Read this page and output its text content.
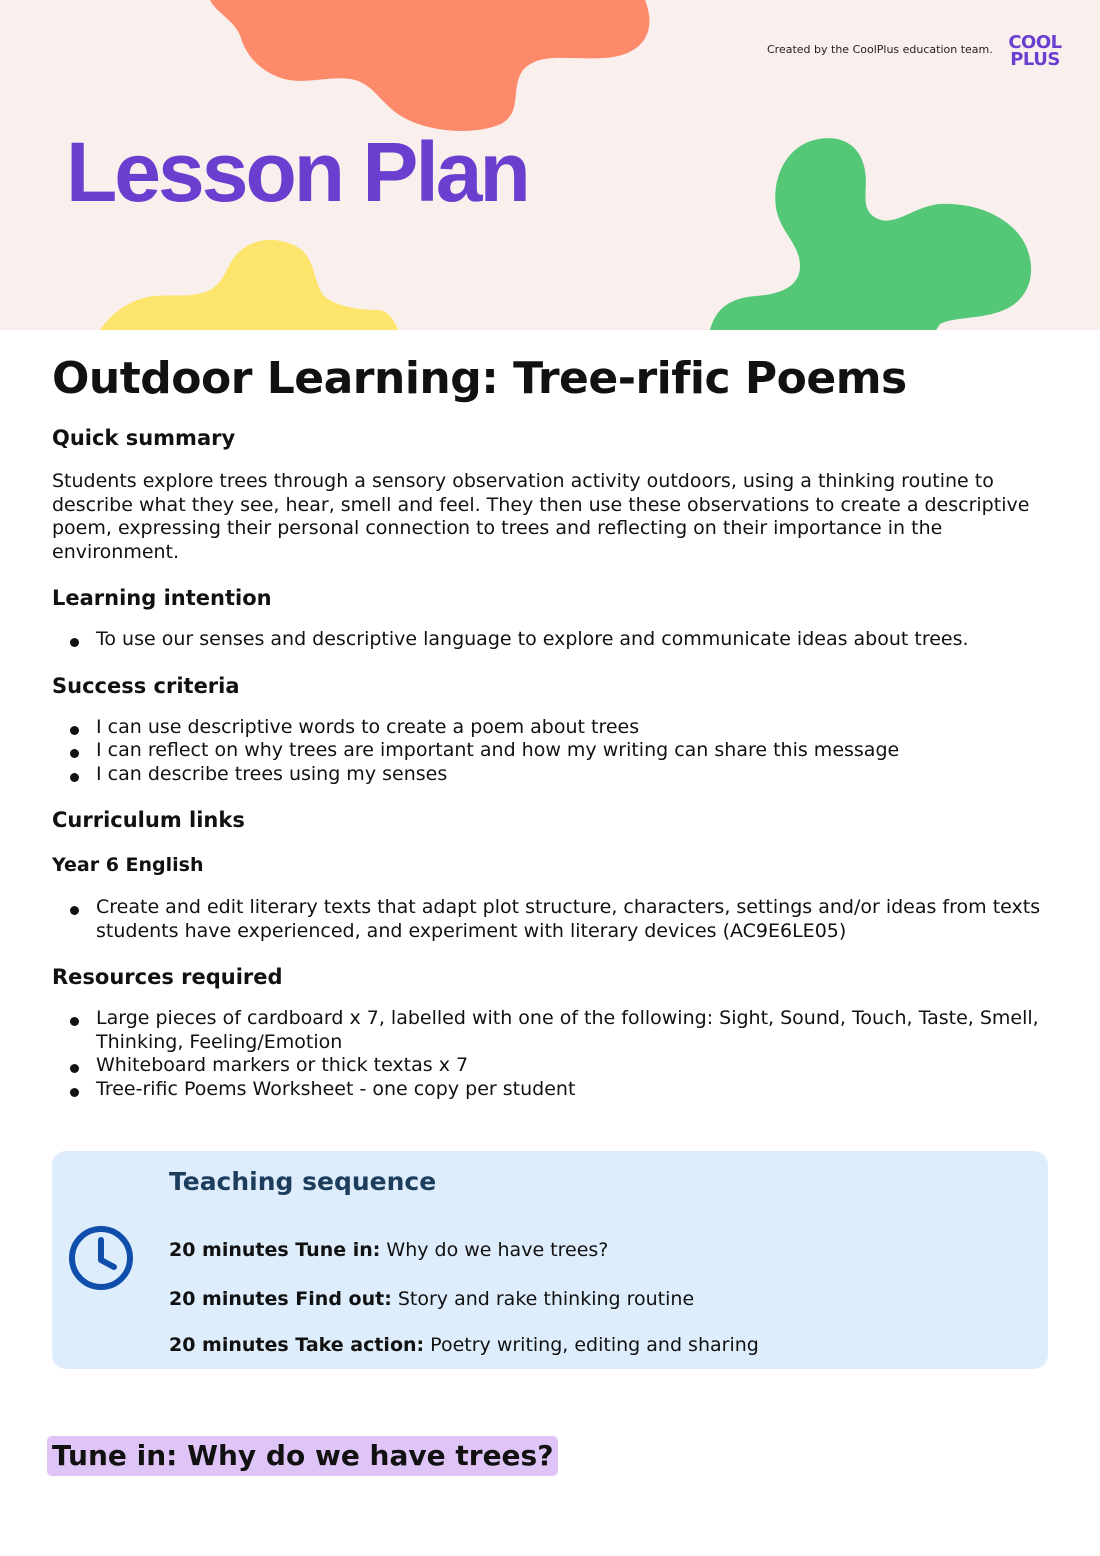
Created by the CoolPlus education team. COOL
PLUS
Lesson Plan
Outdoor Learning: Tree-rific Poems
Quick summary

Students explore trees through a sensory observation activity outdoors, using a thinking routine to describe what they see, hear, smell and feel. They then use these observations to create a descriptive poem, expressing their personal connection to trees and reflecting on their importance in the environment.

Learning intention
To use our senses and descriptive language to explore and communicate ideas about trees.
Success criteria
I can use descriptive words to create a poem about trees
I can reflect on why trees are important and how my writing can share this message
I can describe trees using my senses
Curriculum links
Year 6 English
Create and edit literary texts that adapt plot structure, characters, settings and/or ideas from texts students have experienced, and experiment with literary devices (AC9E6LE05)
Resources required
Large pieces of cardboard x 7, labelled with one of the following: Sight, Sound, Touch, Taste, Smell, Thinking, Feeling/Emotion
Whiteboard markers or thick textas x 7
Tree-rific Poems Worksheet - one copy per student
Teaching sequence
20 minutes Tune in: Why do we have trees?
20 minutes Find out: Story and rake thinking routine
20 minutes Take action: Poetry writing, editing and sharing
Tune in: Why do we have trees?
